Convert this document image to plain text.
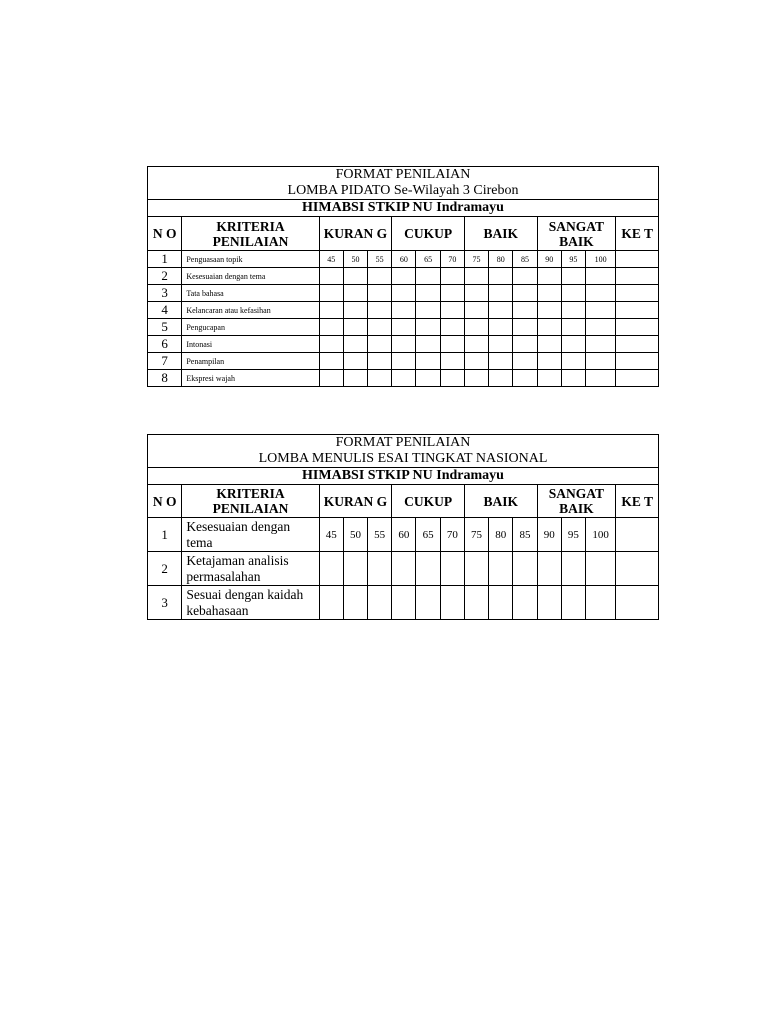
FORMAT PENILAIAN
LOMBA PIDATO Se-Wilayah 3 Cirebon														

HIMABSI STKIP NU Indramayu														
N O	KRITERIA PENILAIAN	KURAN G			CUKUP			BAIK			SANGAT BAIK			KE T
1	Penguasaan topik	45	50	55	60	65	70	75	80	85	90	95	100	
2	Kesesuaian dengan tema													
3	Tata bahasa													
4	Kelancaran atau kefasihan													
5	Pengucapan													
6	Intonasi													
7	Penampilan													
8	Ekspresi wajah													
FORMAT PENILAIAN
LOMBA MENULIS ESAI TINGKAT NASIONAL														

HIMABSI STKIP NU Indramayu														
N O	KRITERIA PENILAIAN	KURAN G			CUKUP			BAIK			SANGAT BAIK			KE T
1	Kesesuaian dengan tema	45	50	55	60	65	70	75	80	85	90	95	100	

2	Ketajaman analisis permasalahan													
3	Sesuai dengan kaidah kebahasaan													
